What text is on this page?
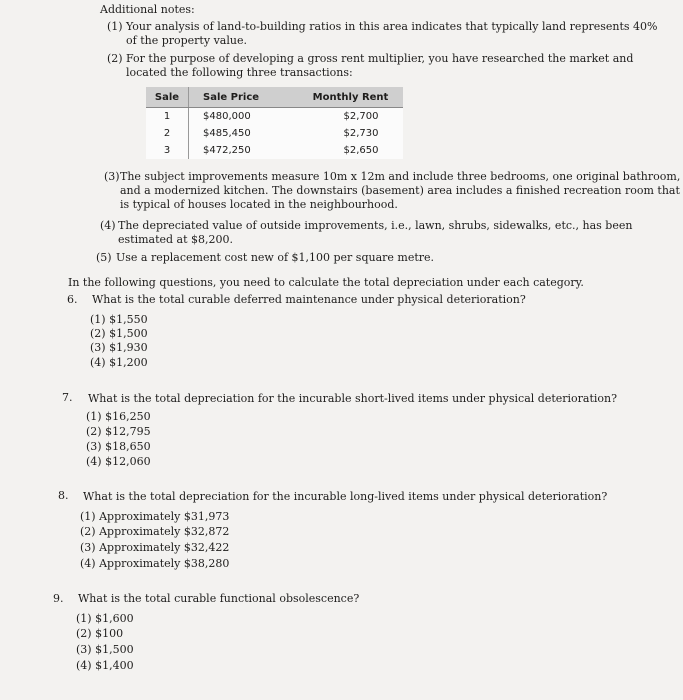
Additional notes:
(1) Your analysis of land-to-building ratios in this area indicates that typically land represents 40%
of the property value.
(2) For the purpose of developing a gross rent multiplier, you have researched the market and
located the following three transactions:
Sale	Sale Price	Monthly Rent
1	$480,000	$2,700
2	$485,450	$2,730
3	$472,250	$2,650
(3) The subject improvements measure 10m x 12m and include three bedrooms, one original bathroom,
and a modernized kitchen. The downstairs (basement) area includes a finished recreation room that
is typical of houses located in the neighbourhood.
(4) The depreciated value of outside improvements, i.e., lawn, shrubs, sidewalks, etc., has been
estimated at $8,200.
(5) Use a replacement cost new of $1,100 per square metre.
In the following questions, you need to calculate the total depreciation under each category.
6. What is the total curable deferred maintenance under physical deterioration?
(1) $1,550
(2) $1,500
(3) $1,930
(4) $1,200
7. What is the total depreciation for the incurable short-lived items under physical deterioration?
(1) $16,250
(2) $12,795
(3) $18,650
(4) $12,060
8. What is the total depreciation for the incurable long-lived items under physical deterioration?
(1) Approximately $31,973
(2) Approximately $32,872
(3) Approximately $32,422
(4) Approximately $38,280
9. What is the total curable functional obsolescence?
(1) $1,600
(2) $100
(3) $1,500
(4) $1,400
